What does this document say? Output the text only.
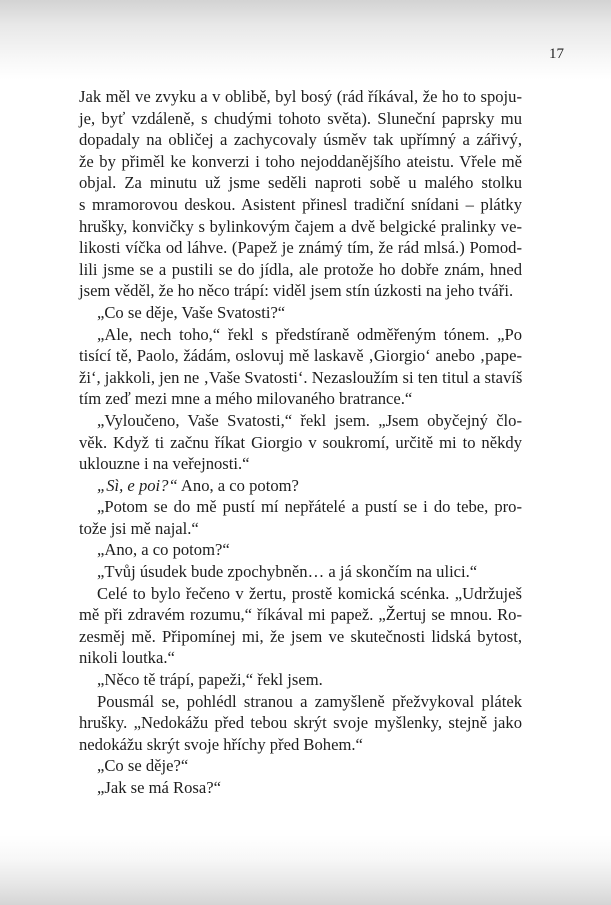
17
Jak měl ve zvyku a v oblibě, byl bosý (rád říkával, že ho to spoju-
je, byť vzdáleně, s chudými tohoto světa). Sluneční paprsky mu
dopadaly na obličej a zachycovaly úsměv tak upřímný a zářivý,
že by přiměl ke konverzi i toho nejoddanějšího ateistu. Vřele mě
objal. Za minutu už jsme seděli naproti sobě u malého stolku
s mramorovou deskou. Asistent přinesl tradiční snídani – plátky
hrušky, konvičky s bylinkovým čajem a dvě belgické pralinky ve-
likosti víčka od láhve. (Papež je známý tím, že rád mlsá.) Pomod-
lili jsme se a pustili se do jídla, ale protože ho dobře znám, hned
jsem věděl, že ho něco trápí: viděl jsem stín úzkosti na jeho tváři.
„Co se děje, Vaše Svatosti?“
„Ale, nech toho,“ řekl s předstíraně odměřeným tónem. „Po
tisící tě, Paolo, žádám, oslovuj mě laskavě ‚Giorgio‘ anebo ‚pape-
ži‘, jakkoli, jen ne ‚Vaše Svatosti‘. Nezasloužím si ten titul a stavíš
tím zeď mezi mne a mého milovaného bratrance.“
„Vyloučeno, Vaše Svatosti,“ řekl jsem. „Jsem obyčejný člo-
věk. Když ti začnu říkat Giorgio v soukromí, určitě mi to někdy
uklouzne i na veřejnosti.“
„Sì, e poi?“ Ano, a co potom?
„Potom se do mě pustí mí nepřátelé a pustí se i do tebe, pro-
tože jsi mě najal.“
„Ano, a co potom?“
„Tvůj úsudek bude zpochybněn… a já skončím na ulici.“
Celé to bylo řečeno v žertu, prostě komická scénka. „Udržuješ
mě při zdravém rozumu,“ říkával mi papež. „Žertuj se mnou. Ro-
zesměj mě. Připomínej mi, že jsem ve skutečnosti lidská bytost,
nikoli loutka.“
„Něco tě trápí, papeži,“ řekl jsem.
Pousmál se, pohlédl stranou a zamyšleně přežvykoval plátek
hrušky. „Nedokážu před tebou skrýt svoje myšlenky, stejně jako
nedokážu skrýt svoje hříchy před Bohem.“
„Co se děje?“
„Jak se má Rosa?“
